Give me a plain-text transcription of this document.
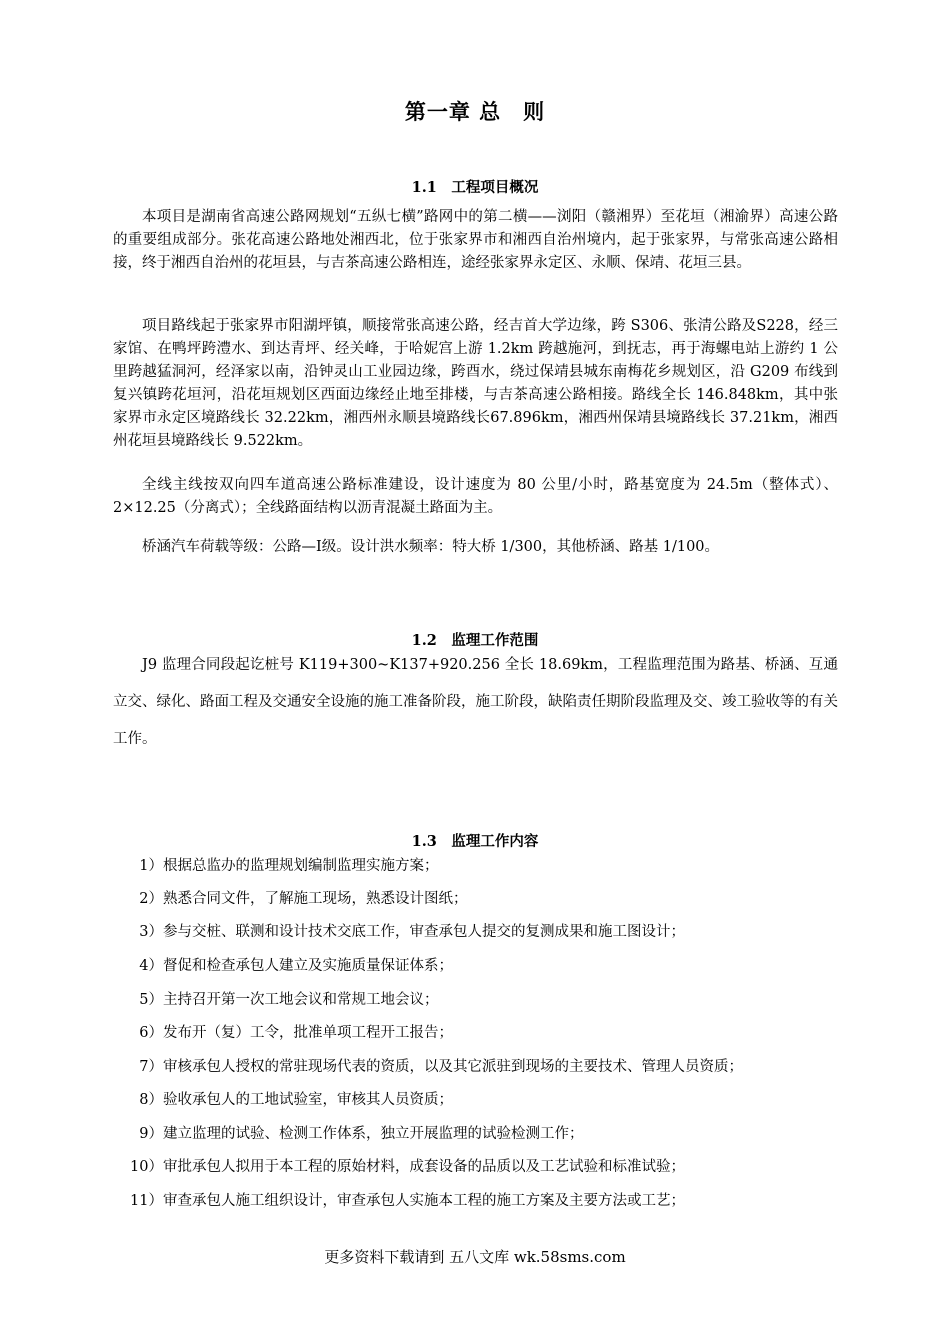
第一章 总　则
1.1　工程项目概况

本项目是湖南省高速公路网规划“五纵七横”路网中的第二横——浏阳（赣湘界）至花垣（湘渝界）高速公路的重要组成部分。张花高速公路地处湘西北，位于张家界市和湘西自治州境内，起于张家界，与常张高速公路相接，终于湘西自治州的花垣县，与吉茶高速公路相连，途经张家界永定区、永顺、保靖、花垣三县。

项目路线起于张家界市阳湖坪镇，顺接常张高速公路，经吉首大学边缘，跨 S306、张清公路及S228，经三家馆、在鸭坪跨澧水、到达青坪、经关峰，于哈妮宫上游 1.2km 跨越施河，到抚志，再于海螺电站上游约 1 公里跨越猛洞河，经泽家以南，沿钟灵山工业园边缘，跨酉水，绕过保靖县城东南梅花乡规划区，沿 G209 布线到复兴镇跨花垣河，沿花垣规划区西面边缘经止地至排楼，与吉茶高速公路相接。路线全长 146.848km，其中张家界市永定区境路线长 32.22km，湘西州永顺县境路线长67.896km，湘西州保靖县境路线长 37.21km，湘西州花垣县境路线长 9.522km。

全线主线按双向四车道高速公路标准建设，设计速度为 80 公里/小时，路基宽度为 24.5m（整体式）、2×12.25（分离式）；全线路面结构以沥青混凝土路面为主。

桥涵汽车荷载等级：公路—Ⅰ级。设计洪水频率：特大桥 1/300，其他桥涵、路基 1/100。

1.2　监理工作范围

J9 监理合同段起讫桩号 K119+300~K137+920.256 全长 18.69km，工程监理范围为路基、桥涵、互通立交、绿化、路面工程及交通安全设施的施工准备阶段，施工阶段，缺陷责任期阶段监理及交、竣工验收等的有关工作。

1.3　监理工作内容
1）根据总监办的监理规划编制监理实施方案；
2）熟悉合同文件，了解施工现场，熟悉设计图纸；
3）参与交桩、联测和设计技术交底工作，审查承包人提交的复测成果和施工图设计；
4）督促和检查承包人建立及实施质量保证体系；
5）主持召开第一次工地会议和常规工地会议；
6）发布开（复）工令，批准单项工程开工报告；
7）审核承包人授权的常驻现场代表的资质，以及其它派驻到现场的主要技术、管理人员资质；
8）验收承包人的工地试验室，审核其人员资质；
9）建立监理的试验、检测工作体系，独立开展监理的试验检测工作；
10）审批承包人拟用于本工程的原始材料，成套设备的品质以及工艺试验和标准试验；
11）审查承包人施工组织设计，审查承包人实施本工程的施工方案及主要方法或工艺；
更多资料下载请到 五八文库 wk.58sms.com
